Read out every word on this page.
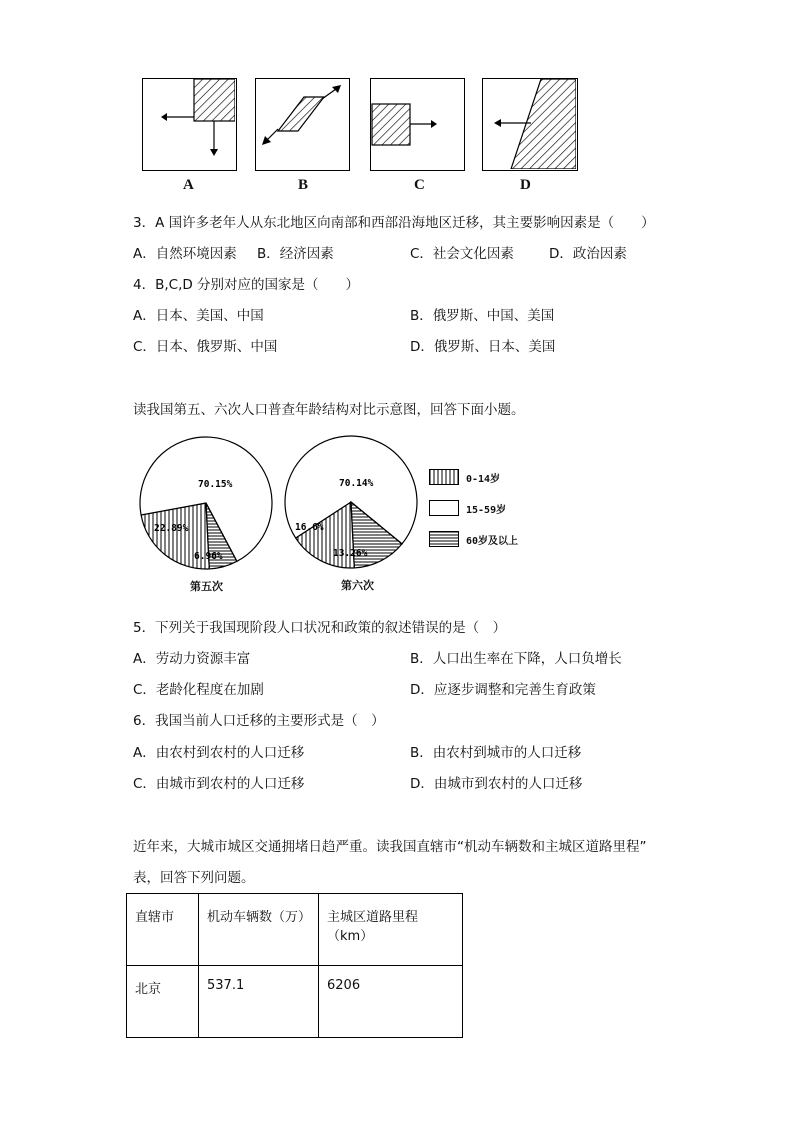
A	B	C	D
3．A 国许多老年人从东北地区向南部和西部沿海地区迁移，其主要影响因素是（　　）
A．自然环境因素 B．经济因素	C．社会文化因素	D．政治因素
4．B,C,D 分别对应的国家是（　　）
A．日本、美国、中国	B．俄罗斯、中国、美国
C．日本、俄罗斯、中国	D．俄罗斯、日本、美国
读我国第五、六次人口普查年龄结构对比示意图，回答下面小题。
70.15%
22.89%
6.96%
第五次
70.14%
16.6%
13.26%
第六次
0-14岁
15-59岁
60岁及以上
5．下列关于我国现阶段人口状况和政策的叙述错误的是（　）
A．劳动力资源丰富	B．人口出生率在下降，人口负增长
C．老龄化程度在加剧	D．应逐步调整和完善生育政策
6．我国当前人口迁移的主要形式是（　）
A．由农村到农村的人口迁移	B．由农村到城市的人口迁移
C．由城市到农村的人口迁移	D．由城市到农村的人口迁移
近年来，大城市城区交通拥堵日趋严重。读我国直辖市“机动车辆数和主城区道路里程”
表，回答下列问题。
直辖市	机动车辆数（万）	主城区道路里程（km）
北京	537.1	6206
